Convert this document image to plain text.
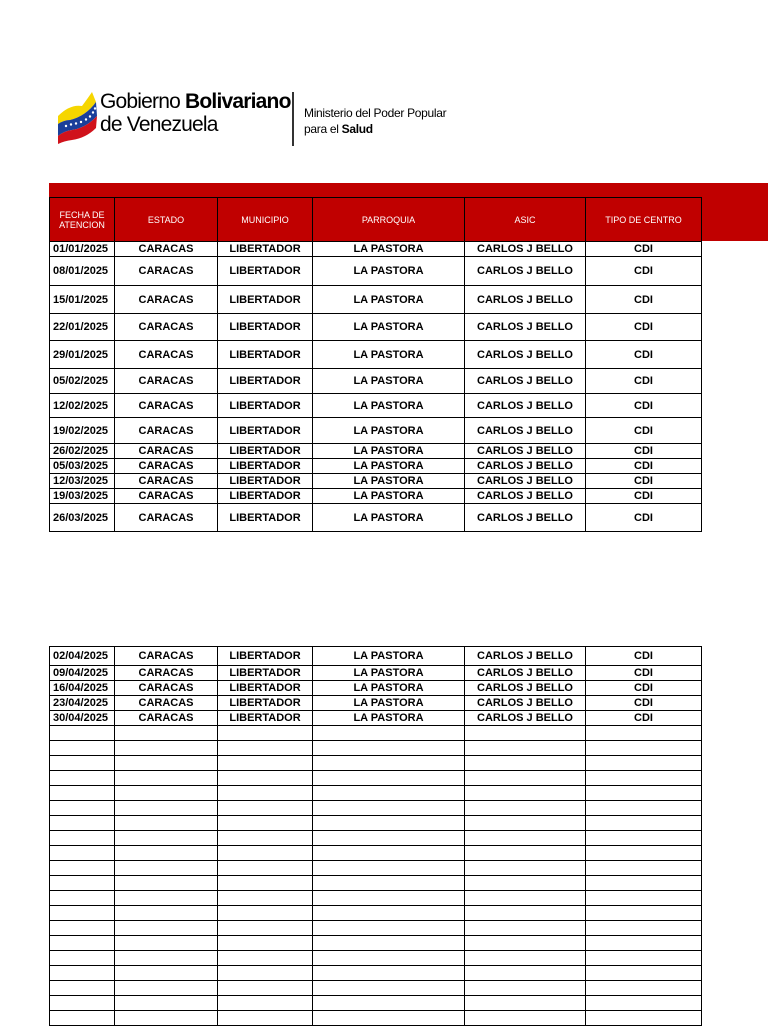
Gobierno Bolivariano
de Venezuela	Ministerio del Poder Popular
para el Salud
FECHA DE ATENCION	ESTADO	MUNICIPIO	PARROQUIA	ASIC	TIPO DE CENTRO
01/01/2025	CARACAS	LIBERTADOR	LA PASTORA	CARLOS J BELLO	CDI
08/01/2025	CARACAS	LIBERTADOR	LA PASTORA	CARLOS J BELLO	CDI
15/01/2025	CARACAS	LIBERTADOR	LA PASTORA	CARLOS J BELLO	CDI
22/01/2025	CARACAS	LIBERTADOR	LA PASTORA	CARLOS J BELLO	CDI
29/01/2025	CARACAS	LIBERTADOR	LA PASTORA	CARLOS J BELLO	CDI
05/02/2025	CARACAS	LIBERTADOR	LA PASTORA	CARLOS J BELLO	CDI
12/02/2025	CARACAS	LIBERTADOR	LA PASTORA	CARLOS J BELLO	CDI
19/02/2025	CARACAS	LIBERTADOR	LA PASTORA	CARLOS J BELLO	CDI
26/02/2025	CARACAS	LIBERTADOR	LA PASTORA	CARLOS J BELLO	CDI
05/03/2025	CARACAS	LIBERTADOR	LA PASTORA	CARLOS J BELLO	CDI
12/03/2025	CARACAS	LIBERTADOR	LA PASTORA	CARLOS J BELLO	CDI
19/03/2025	CARACAS	LIBERTADOR	LA PASTORA	CARLOS J BELLO	CDI
26/03/2025	CARACAS	LIBERTADOR	LA PASTORA	CARLOS J BELLO	CDI
02/04/2025	CARACAS	LIBERTADOR	LA PASTORA	CARLOS J BELLO	CDI
09/04/2025	CARACAS	LIBERTADOR	LA PASTORA	CARLOS J BELLO	CDI
16/04/2025	CARACAS	LIBERTADOR	LA PASTORA	CARLOS J BELLO	CDI
23/04/2025	CARACAS	LIBERTADOR	LA PASTORA	CARLOS J BELLO	CDI
30/04/2025	CARACAS	LIBERTADOR	LA PASTORA	CARLOS J BELLO	CDI
